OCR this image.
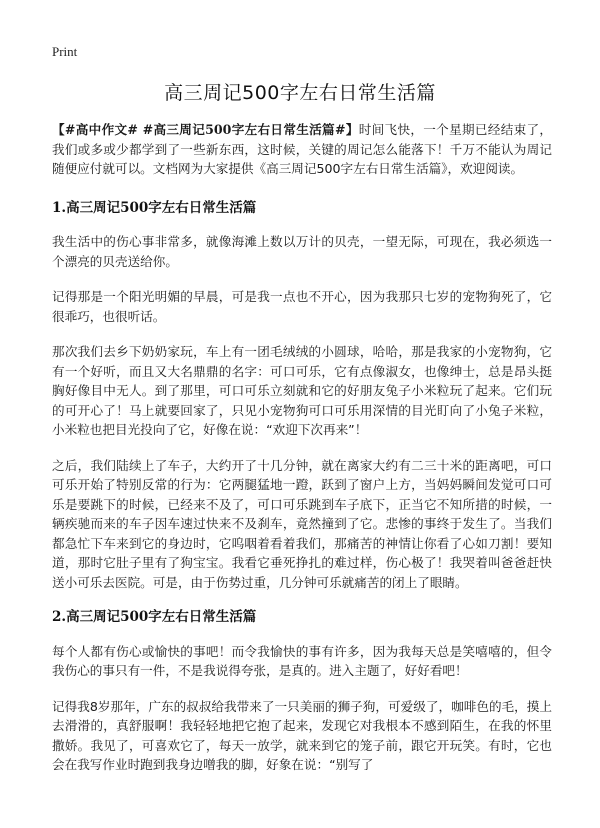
Print
高三周记500字左右日常生活篇

【#高中作文# #高三周记500字左右日常生活篇#】时间飞快，一个星期已经结束了，我们或多或少都学到了一些新东西，这时候，关键的周记怎么能落下！千万不能认为周记随便应付就可以。文档网为大家提供《高三周记500字左右日常生活篇》，欢迎阅读。

1.高三周记500字左右日常生活篇

我生活中的伤心事非常多，就像海滩上数以万计的贝壳，一望无际，可现在，我必须选一个漂亮的贝壳送给你。

记得那是一个阳光明媚的早晨，可是我一点也不开心，因为我那只七岁的宠物狗死了，它很乖巧，也很听话。

那次我们去乡下奶奶家玩，车上有一团毛绒绒的小圆球，哈哈，那是我家的小宠物狗，它有一个好听，而且又大名鼎鼎的名字：可口可乐，它有点像淑女，也像绅士，总是昂头挺胸好像目中无人。到了那里，可口可乐立刻就和它的好朋友兔子小米粒玩了起来。它们玩的可开心了！马上就要回家了，只见小宠物狗可口可乐用深情的目光盯向了小兔子米粒，小米粒也把目光投向了它，好像在说：“欢迎下次再来”！

之后，我们陆续上了车子，大约开了十几分钟，就在离家大约有二三十米的距离吧，可口可乐开始了特别反常的行为：它两腿猛地一蹬，跃到了窗户上方，当妈妈瞬间发觉可口可乐是要跳下的时候，已经来不及了，可口可乐跳到车子底下，正当它不知所措的时候，一辆疾驰而来的车子因车速过快来不及刹车，竟然撞到了它。悲惨的事终于发生了。当我们都急忙下车来到它的身边时，它呜咽着看着我们，那痛苦的神情让你看了心如刀割！要知道，那时它肚子里有了狗宝宝。我看它垂死挣扎的难过样，伤心极了！我哭着叫爸爸赶快送小可乐去医院。可是，由于伤势过重，几分钟可乐就痛苦的闭上了眼睛。

2.高三周记500字左右日常生活篇

每个人都有伤心或愉快的事吧！而令我愉快的事有许多，因为我每天总是笑嘻嘻的，但令我伤心的事只有一件，不是我说得夸张，是真的。进入主题了，好好看吧！

记得我8岁那年，广东的叔叔给我带来了一只美丽的狮子狗，可爱级了，咖啡色的毛，摸上去滑滑的，真舒服啊！我轻轻地把它抱了起来，发现它对我根本不感到陌生，在我的怀里撒娇。我见了，可喜欢它了，每天一放学，就来到它的笼子前，跟它开玩笑。有时，它也会在我写作业时跑到我身边噌我的脚，好象在说：“别写了
